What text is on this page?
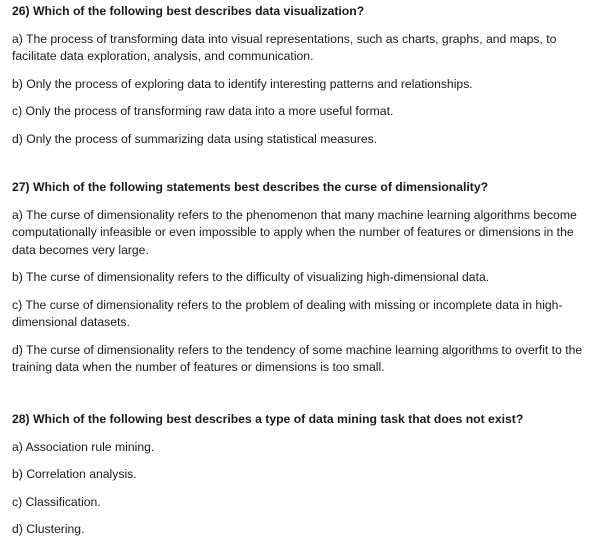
26) Which of the following best describes data visualization?

a) The process of transforming data into visual representations, such as charts, graphs, and maps, to facilitate data exploration, analysis, and communication.

b) Only the process of exploring data to identify interesting patterns and relationships.

c) Only the process of transforming raw data into a more useful format.

d) Only the process of summarizing data using statistical measures.

27) Which of the following statements best describes the curse of dimensionality?

a) The curse of dimensionality refers to the phenomenon that many machine learning algorithms become computationally infeasible or even impossible to apply when the number of features or dimensions in the data becomes very large.

b) The curse of dimensionality refers to the difficulty of visualizing high-dimensional data.

c) The curse of dimensionality refers to the problem of dealing with missing or incomplete data in high-dimensional datasets.

d) The curse of dimensionality refers to the tendency of some machine learning algorithms to overfit to the training data when the number of features or dimensions is too small.

28) Which of the following best describes a type of data mining task that does not exist?

a) Association rule mining.

b) Correlation analysis.

c) Classification.

d) Clustering.
